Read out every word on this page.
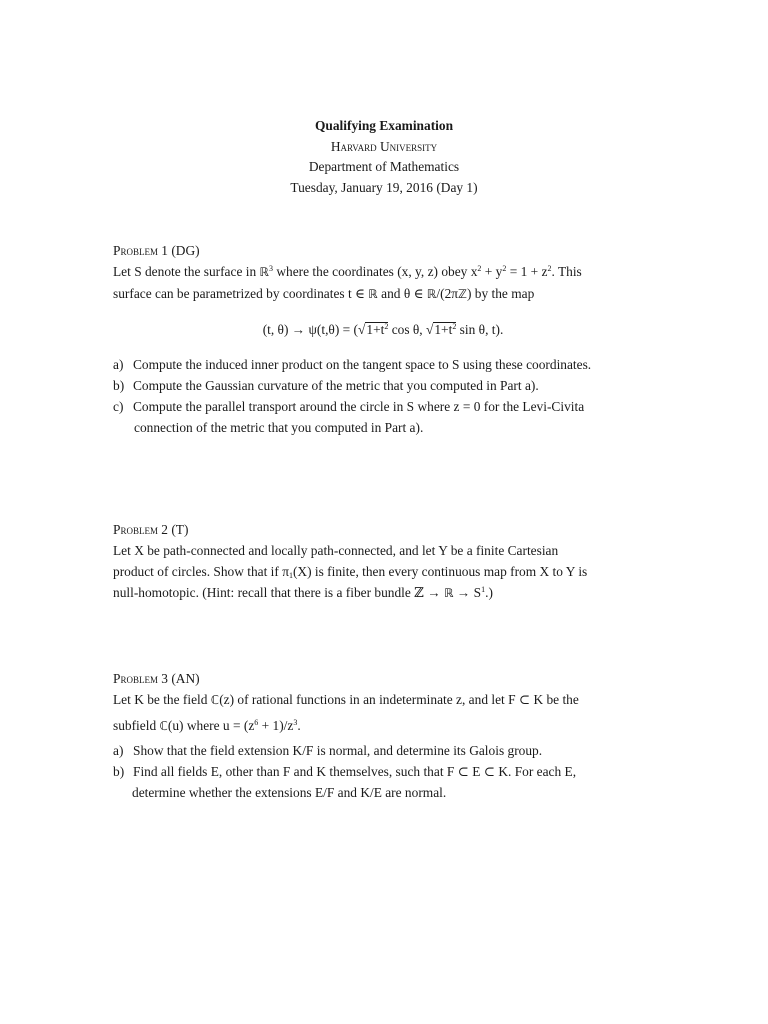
Qualifying Examination
Harvard University
Department of Mathematics
Tuesday, January 19, 2016 (Day 1)
Problem 1 (DG)
Let S denote the surface in ℝ$^3$ where the coordinates (x, y, z) obey $x^2 + y^2 = 1 + z^2$. This
surface can be parametrized by coordinates t ∈ ℝ and θ ∈ ℝ/(2πℤ) by the map
(t, $\theta) \to \psi(t,\theta) = (√1+t^2$ cos θ, $√1+t^2$ sin θ, t).
a) Compute the induced inner product on the tangent space to S using these coordinates.
b) Compute the Gaussian curvature of the metric that you computed in Part a).
c) Compute the parallel transport around the circle in S where z = 0 for the Levi-Civita
connection of the metric that you computed in Part a).
Problem 2 (T)
Let X be path-connected and locally path-connected, and let Y be a finite Cartesian
product of circles. Show that if $\pi_1(X)$ is finite, then every continuous map from X to Y is
null-homotopic. (Hint: recall that there is a fiber bundle ℤ → ℝ → $S^1$.)
Problem 3 (AN)
Let K be the field ℂ(z) of rational functions in an indeterminate z, and let F ⊂ K be the
subfield ℂ(u) where $u = (z^6 + 1)/z^3$.
a) Show that the field extension K/F is normal, and determine its Galois group.
b) Find all fields E, other than F and K themselves, such that F ⊂ E ⊂ K. For each E,
determine whether the extensions E/F and K/E are normal.
